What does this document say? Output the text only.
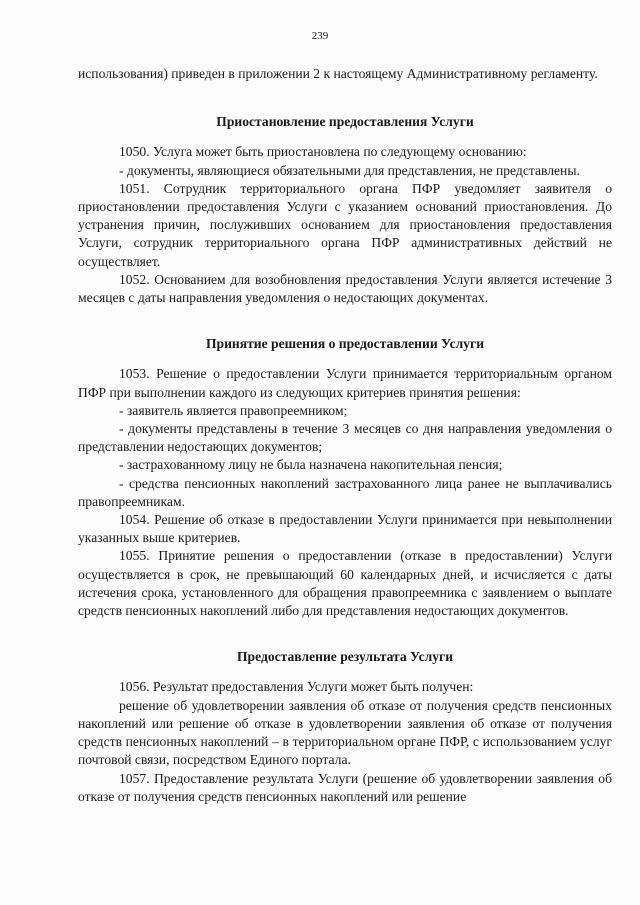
239

использования) приведен в приложении 2 к настоящему Административному регламенту.

Приостановление предоставления Услуги

1050. Услуга может быть приостановлена по следующему основанию:

- документы, являющиеся обязательными для представления, не представлены.

1051. Сотрудник территориального органа ПФР уведомляет заявителя о приостановлении предоставления Услуги с указанием оснований приостановления. До устранения причин, послуживших основанием для приостановления предоставления Услуги, сотрудник территориального органа ПФР административных действий не осуществляет.

1052. Основанием для возобновления предоставления Услуги является истечение 3 месяцев с даты направления уведомления о недостающих документах.

Принятие решения о предоставлении Услуги

1053. Решение о предоставлении Услуги принимается территориальным органом ПФР при выполнении каждого из следующих критериев принятия решения:

- заявитель является правопреемником;

- документы представлены в течение 3 месяцев со дня направления уведомления о представлении недостающих документов;

- застрахованному лицу не была назначена накопительная пенсия;

- средства пенсионных накоплений застрахованного лица ранее не выплачивались правопреемникам.

1054. Решение об отказе в предоставлении Услуги принимается при невыполнении указанных выше критериев.

1055. Принятие решения о предоставлении (отказе в предоставлении) Услуги осуществляется в срок, не превышающий 60 календарных дней, и исчисляется с даты истечения срока, установленного для обращения правопреемника с заявлением о выплате средств пенсионных накоплений либо для представления недостающих документов.

Предоставление результата Услуги

1056. Результат предоставления Услуги может быть получен:

решение об удовлетворении заявления об отказе от получения средств пенсионных накоплений или решение об отказе в удовлетворении заявления об отказе от получения средств пенсионных накоплений – в территориальном органе ПФР, с использованием услуг почтовой связи, посредством Единого портала.

1057. Предоставление результата Услуги (решение об удовлетворении заявления об отказе от получения средств пенсионных накоплений или решение
